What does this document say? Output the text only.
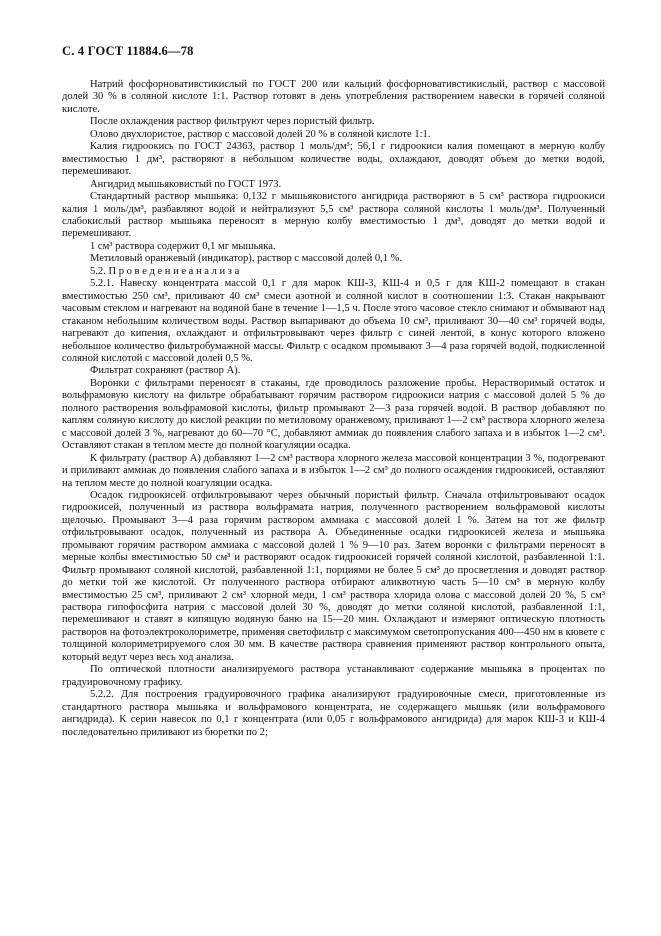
С. 4 ГОСТ 11884.6—78

Натрий фосфорновативстикислый по ГОСТ 200 или кальций фосфорновативстикислый, раствор с массовой долей 30 % в соляной кислоте 1:1. Раствор готовят в день употребления растворением навески в горячей соляной кислоте.

После охлаждения раствор фильтруют через пористый фильтр.

Олово двухлористое, раствор с массовой долей 20 % в соляной кислоте 1:1.

Калия гидроокись по ГОСТ 24363, раствор 1 моль/дм³; 56,1 г гидроокиси калия помещают в мерную колбу вместимостью 1 дм³, растворяют в небольшом количестве воды, охлаждают, доводят объем до метки водой, перемешивают.

Ангидрид мышьяковистый по ГОСТ 1973.

Стандартный раствор мышьяка: 0,132 г мышьяковистого ангидрида растворяют в 5 см³ раствора гидроокиси калия 1 моль/дм³, разбавляют водой и нейтрализуют 5,5 см³ раствора соляной кислоты 1 моль/дм³. Полученный слабокислый раствор мышьяка переносят в мерную колбу вместимостью 1 дм³, доводят до метки водой и перемешивают.

1 см³ раствора содержит 0,1 мг мышьяка.

Метиловый оранжевый (индикатор), раствор с массовой долей 0,1 %.

5.2. П р о в е д е н и е а н а л и з а

5.2.1. Навеску концентрата массой 0,1 г для марок КШ-3, КШ-4 и 0,5 г для КШ-2 помещают в стакан вместимостью 250 см³, приливают 40 см³ смеси азотной и соляной кислот в соотношении 1:3. Стакан накрывают часовым стеклом и нагревают на водяной бане в течение 1—1,5 ч. После этого часовое стекло снимают и обмывают над стаканом небольшим количеством воды. Раствор выпаривают до объема 10 см³, приливают 30—40 см³ горячей воды, нагревают до кипения, охлаждают и отфильтровывают через фильтр с синей лентой, в конус которого вложено небольшое количество фильтробумажной массы. Фильтр с осадком промывают 3—4 раза горячей водой, подкисленной соляной кислотой с массовой долей 0,5 %.

Фильтрат сохраняют (раствор А).

Воронки с фильтрами переносят в стаканы, где проводилось разложение пробы. Нерастворимый остаток и вольфрамовую кислоту на фильтре обрабатывают горячим раствором гидроокиси натрия с массовой долей 5 % до полного растворения вольфрамовой кислоты, фильтр промывают 2—3 раза горячей водой. В раствор добавляют по каплям соляную кислоту до кислой реакции по метиловому оранжевому, приливают 1—2 см³ раствора хлорного железа с массовой долей 3 %, нагревают до 60—70 °С, добавляют аммиак до появления слабого запаха и в избыток 1—2 см³. Оставляют стакан в теплом месте до полной коагуляции осадка.

К фильтрату (раствор А) добавляют 1—2 см³ раствора хлорного железа массовой концентрации 3 %, подогревают и приливают аммиак до появления слабого запаха и в избыток 1—2 см³ до полного осаждения гидроокисей, оставляют на теплом месте до полной коагуляции осадка.

Осадок гидроокисей отфильтровывают через обычный пористый фильтр. Сначала отфильтровывают осадок гидроокисей, полученный из раствора вольфрамата натрия, полученного растворением вольфрамовой кислоты щелочью. Промывают 3—4 раза горячим раствором аммиака с массовой долей 1 %. Затем на тот же фильтр отфильтровывают осадок, полученный из раствора А. Объединенные осадки гидроокисей железа и мышьяка промывают горячим раствором аммиака с массовой долей 1 % 9—10 раз. Затем воронки с фильтрами переносят в мерные колбы вместимостью 50 см³ и растворяют осадок гидроокисей горячей соляной кислотой, разбавленной 1:1. Фильтр промывают соляной кислотой, разбавленной 1:1, порциями не более 5 см³ до просветления и доводят раствор до метки той же кислотой. От полученного раствора отбирают аликвотную часть 5—10 см³ в мерную колбу вместимостью 25 см³, приливают 2 см³ хлорной меди, 1 см³ раствора хлорида олова с массовой долей 20 %, 5 см³ раствора гипофосфита натрия с массовой долей 30 %, доводят до метки соляной кислотой, разбавленной 1:1, перемешивают и ставят в кипящую водяную баню на 15—20 мин. Охлаждают и измеряют оптическую плотность растворов на фотоэлектроколориметре, применяя светофильтр с максимумом светопропускания 400—450 нм в кювете с толщиной колориметрируемого слоя 30 мм. В качестве раствора сравнения применяют раствор контрольного опыта, который ведут через весь ход анализа.

По оптической плотности анализируемого раствора устанавливают содержание мышьяка в процентах по градуировочному графику.

5.2.2. Для построения градуировочного графика анализируют градуировочные смеси, приготовленные из стандартного раствора мышьяка и вольфрамового концентрата, не содержащего мышьяк (или вольфрамового ангидрида). К серии навесок по 0,1 г концентрата (или 0,05 г вольфрамового ангидрида) для марок КШ-3 и КШ-4 последовательно приливают из бюретки по 2;
